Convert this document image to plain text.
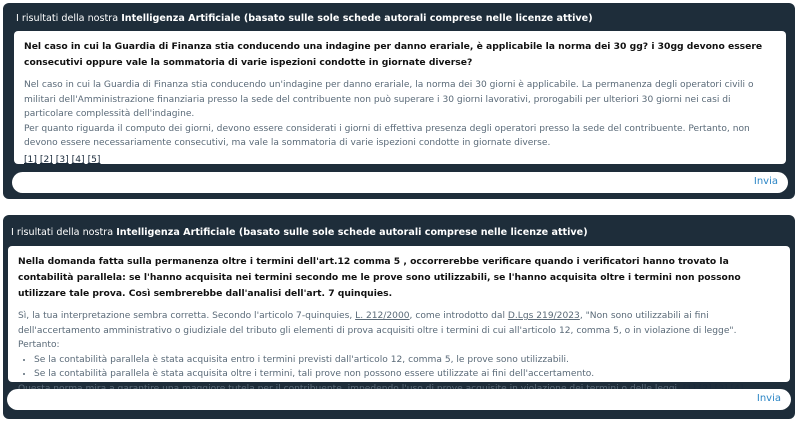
I risultati della nostra Intelligenza Artificiale (basato sulle sole schede autorali comprese nelle licenze attive)

Nel caso in cui la Guardia di Finanza stia conducendo una indagine per danno erariale, è applicabile la norma dei 30 gg? i 30gg devono essere consecutivi oppure vale la sommatoria di varie ispezioni condotte in giornate diverse?

Nel caso in cui la Guardia di Finanza stia conducendo un'indagine per danno erariale, la norma dei 30 giorni è applicabile. La permanenza degli operatori civili o militari dell'Amministrazione finanziaria presso la sede del contribuente non può superare i 30 giorni lavorativi, prorogabili per ulteriori 30 giorni nei casi di particolare complessità dell'indagine.

Per quanto riguarda il computo dei giorni, devono essere considerati i giorni di effettiva presenza degli operatori presso la sede del contribuente. Pertanto, non devono essere necessariamente consecutivi, ma vale la sommatoria di varie ispezioni condotte in giornate diverse.

[1] [2] [3] [4] [5]
Invia
I risultati della nostra Intelligenza Artificiale (basato sulle sole schede autorali comprese nelle licenze attive)

Nella domanda fatta sulla permanenza oltre i termini dell'art.12 comma 5 , occorrerebbe verificare quando i verificatori hanno trovato la contabilità parallela: se l'hanno acquisita nei termini secondo me le prove sono utilizzabili, se l'hanno acquisita oltre i termini non possono utilizzare tale prova. Così sembrerebbe dall'analisi dell'art. 7 quinquies.

Sì, la tua interpretazione sembra corretta. Secondo l'articolo 7-quinquies, L. 212/2000, come introdotto dal D.Lgs 219/2023, "Non sono utilizzabili ai fini dell'accertamento amministrativo o giudiziale del tributo gli elementi di prova acquisiti oltre i termini di cui all'articolo 12, comma 5, o in violazione di legge". Pertanto:

• Se la contabilità parallela è stata acquisita entro i termini previsti dall'articolo 12, comma 5, le prove sono utilizzabili.
• Se la contabilità parallela è stata acquisita oltre i termini, tali prove non possono essere utilizzate ai fini dell'accertamento.

Invia
